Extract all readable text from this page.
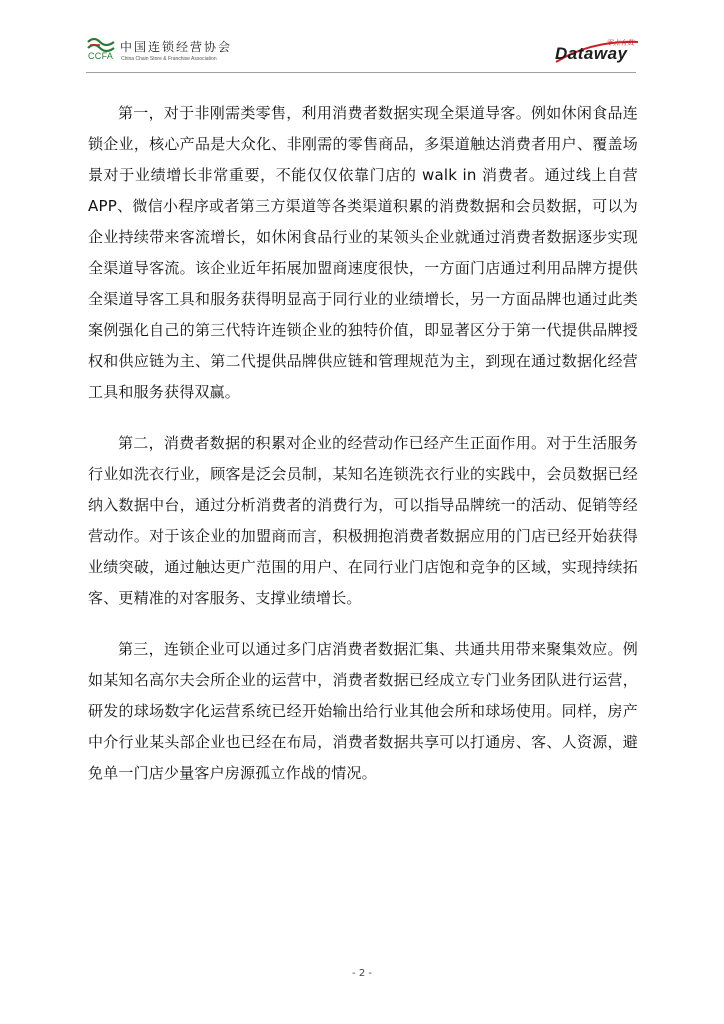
CCFA
中国连锁经营协会
China Chain Store & Franchise Association
零点有数
Dataway

第一，对于非刚需类零售，利用消费者数据实现全渠道导客。例如休闲食品连锁企业，核心产品是大众化、非刚需的零售商品，多渠道触达消费者用户、覆盖场景对于业绩增长非常重要，不能仅仅依靠门店的 walk in 消费者。通过线上自营 APP、微信小程序或者第三方渠道等各类渠道积累的消费数据和会员数据，可以为企业持续带来客流增长，如休闲食品行业的某领头企业就通过消费者数据逐步实现全渠道导客流。该企业近年拓展加盟商速度很快，一方面门店通过利用品牌方提供全渠道导客工具和服务获得明显高于同行业的业绩增长，另一方面品牌也通过此类案例强化自己的第三代特许连锁企业的独特价值，即显著区分于第一代提供品牌授权和供应链为主、第二代提供品牌供应链和管理规范为主，到现在通过数据化经营工具和服务获得双赢。

第二，消费者数据的积累对企业的经营动作已经产生正面作用。对于生活服务行业如洗衣行业，顾客是泛会员制，某知名连锁洗衣行业的实践中，会员数据已经纳入数据中台，通过分析消费者的消费行为，可以指导品牌统一的活动、促销等经营动作。对于该企业的加盟商而言，积极拥抱消费者数据应用的门店已经开始获得业绩突破，通过触达更广范围的用户、在同行业门店饱和竞争的区域，实现持续拓客、更精准的对客服务、支撑业绩增长。

第三，连锁企业可以通过多门店消费者数据汇集、共通共用带来聚集效应。例如某知名高尔夫会所企业的运营中，消费者数据已经成立专门业务团队进行运营，研发的球场数字化运营系统已经开始输出给行业其他会所和球场使用。同样，房产中介行业某头部企业也已经在布局，消费者数据共享可以打通房、客、人资源，避免单一门店少量客户房源孤立作战的情况。

- 2 -
